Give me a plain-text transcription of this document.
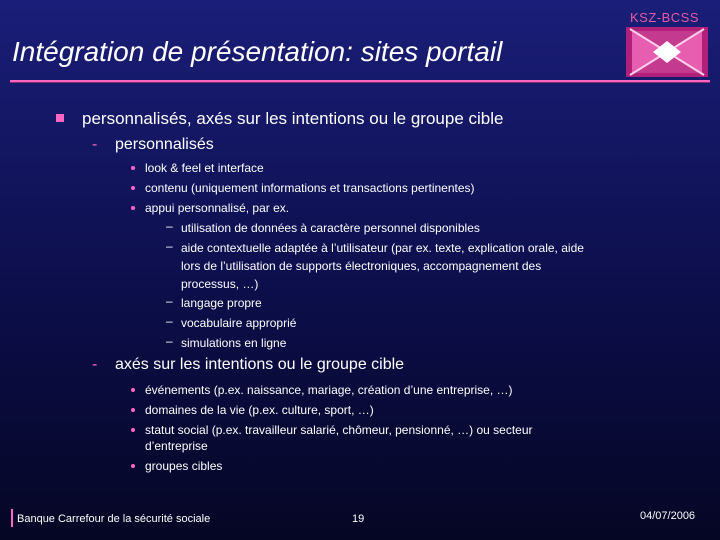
KSZ-BCSS
Intégration de présentation: sites portail
personnalisés, axés sur les intentions ou le groupe cible
- personnalisés
look & feel et interface
contenu (uniquement informations et transactions pertinentes)
appui personnalisé, par ex.
– utilisation de données à caractère personnel disponibles
– aide contextuelle adaptée à l’utilisateur (par ex. texte, explication orale, aide
lors de l’utilisation de supports électroniques, accompagnement des
processus, …)
– langage propre
– vocabulaire approprié
– simulations en ligne
- axés sur les intentions ou le groupe cible
événements (p.ex. naissance, mariage, création d’une entreprise, …)
domaines de la vie (p.ex. culture, sport, …)
statut social (p.ex. travailleur salarié, chômeur, pensionné, …) ou secteur
d’entreprise
groupes cibles
Banque Carrefour de la sécurité sociale	19	04/07/2006
